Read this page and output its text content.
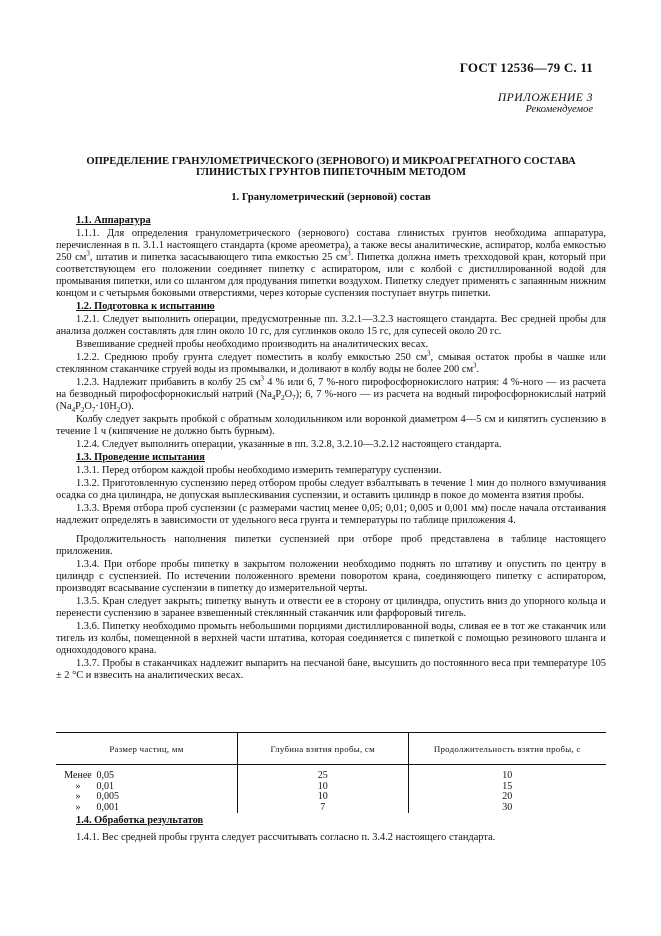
ГОСТ 12536—79 С. 11
ПРИЛОЖЕНИЕ 3
Рекомендуемое
ОПРЕДЕЛЕНИЕ ГРАНУЛОМЕТРИЧЕСКОГО (ЗЕРНОВОГО) И МИКРОАГРЕГАТНОГО СОСТАВА
ГЛИНИСТЫХ ГРУНТОВ ПИПЕТОЧНЫМ МЕТОДОМ
1. Гранулометрический (зерновой) состав

1.1. Аппаратура

1.1.1. Для определения гранулометрического (зернового) состава глинистых грунтов необходима аппаратура, перечисленная в п. 3.1.1 настоящего стандарта (кроме ареометра), а также весы аналитические, аспиратор, колба емкостью 250 $см^3$, штатив и пипетка засасывающего типа емкостью 25 $см^3$. Пипетка должна иметь трехходовой кран, который при соответствующем его положении соединяет пипетку с аспиратором, или с колбой с дистиллированной водой для промывания пипетки, или со шлангом для продувания пипетки воздухом. Пипетку следует применять с запаянным нижним концом и с четырьмя боковыми отверстиями, через которые суспензия поступает внутрь пипетки.

1.2. Подготовка к испытанию

1.2.1. Следует выполнить операции, предусмотренные пп. 3.2.1—3.2.3 настоящего стандарта. Вес средней пробы для анализа должен составлять для глин около 10 гс, для суглинков около 15 гс, для супесей около 20 гс.

Взвешивание средней пробы необходимо производить на аналитических весах.

1.2.2. Среднюю пробу грунта следует поместить в колбу емкостью 250 $см^3$, смывая остаток пробы в чашке или стеклянном стаканчике струей воды из промывалки, и доливают в колбу воды не более 200 $см^3$.

1.2.3. Надлежит прибавить в колбу 25 $см^3$ 4 % или 6, 7 %-ного пирофосфорнокислого натрия: 4 %-ного — из расчета на безводный пирофосфорнокислый натрий $(Na_4P_2O_7)$; 6, 7 %-ного — из расчета на водный пирофосфорнокислый натрий $(Na_4P_2O_7\cdot 10H_2O)$.

Колбу следует закрыть пробкой с обратным холодильником или воронкой диаметром 4—5 см и кипятить суспензию в течение 1 ч (кипячение не должно быть бурным).

1.2.4. Следует выполнить операции, указанные в пп. 3.2.8, 3.2.10—3.2.12 настоящего стандарта.

1.3. Проведение испытания

1.3.1. Перед отбором каждой пробы необходимо измерить температуру суспензии.

1.3.2. Приготовленную суспензию перед отбором пробы следует взбалтывать в течение 1 мин до полного взмучивания осадка со дна цилиндра, не допуская выплескивания суспензии, и оставить цилиндр в покое до момента взятия пробы.

1.3.3. Время отбора проб суспензии (с размерами частиц менее 0,05; 0,01; 0,005 и 0,001 мм) после начала отстаивания надлежит определять в зависимости от удельного веса грунта и температуры по таблице приложения 4.

Продолжительность наполнения пипетки суспензией при отборе проб представлена в таблице настоящего приложения.

1.3.4. При отборе пробы пипетку в закрытом положении необходимо поднять по штативу и опустить по центру в цилиндр с суспензией. По истечении положенного времени поворотом крана, соединяющего пипетку с аспиратором, производят всасывание суспензии в пипетку до измерительной черты.

1.3.5. Кран следует закрыть; пипетку вынуть и отвести ее в сторону от цилиндра, опустить вниз до упорного кольца и перенести суспензию в заранее взвешенный стеклянный стаканчик или фарфоровый тигель.

1.3.6. Пипетку необходимо промыть небольшими порциями дистиллированной воды, сливая ее в тот же стаканчик или тигель из колбы, помещенной в верхней части штатива, которая соединяется с пипеткой с помощью резинового шланга и однохододового крана.

1.3.7. Пробы в стаканчиках надлежит выпарить на песчаной бане, высушить до постоянного веса при температуре 105 ± 2 °С и взвесить на аналитических весах.

Размер частиц, мм	Глубина взятия пробы, см	Продолжительность взятия пробы, с

Менее 0,05	25	10
» 0,01	10	15
» 0,005	10	20
» 0,001	7	30

1.4. Обработка результатов

1.4.1. Вес средней пробы грунта следует рассчитывать согласно п. 3.4.2 настоящего стандарта.
